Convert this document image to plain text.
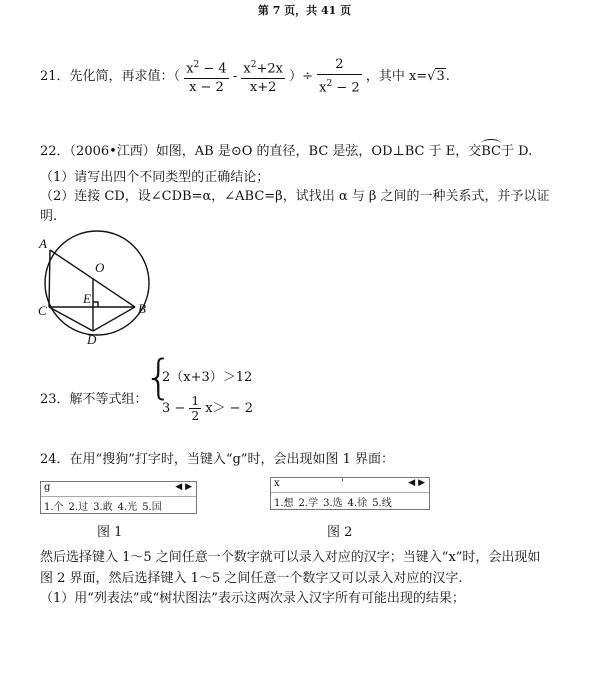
第 7 页，共 41 页
21．先化简，再求值：（ $\frac{x^2 - 4}{x - 2} - \frac{x^2+2x}{x+2}$ ）÷ $\frac{2}{x^2 - 2}$ ，其中 x=√3.
22．（2006•江西）如图，AB 是⊙O 的直径，BC 是弦，OD⊥BC 于 E，交BC于 D.
（1）请写出四个不同类型的正确结论；
（2）连接 CD，设∠CDB=α，∠ABC=β，试找出 α 与 β 之间的一种关系式，并予以证
明.
A
O
E
C	B
D
23．解不等式组：
{
2（x+3）＞12
$3 - \frac{1}{2} x> - 2$
24．在用“搜狗”打字时，当键入“g”时，会出现如图 1 界面：
g	◀ ▶
1.个 2.过 3.敢 4.光 5.国
图 1
x	'	◀ ▶
1.想 2.学 3.选 4.徐 5.线
图 2
然后选择键入 1～5 之间任意一个数字就可以录入对应的汉字；当键入“x”时，会出现如
图 2 界面，然后选择键入 1～5 之间任意一个数字又可以录入对应的汉字.
（1）用“列表法”或“树状图法”表示这两次录入汉字所有可能出现的结果；
